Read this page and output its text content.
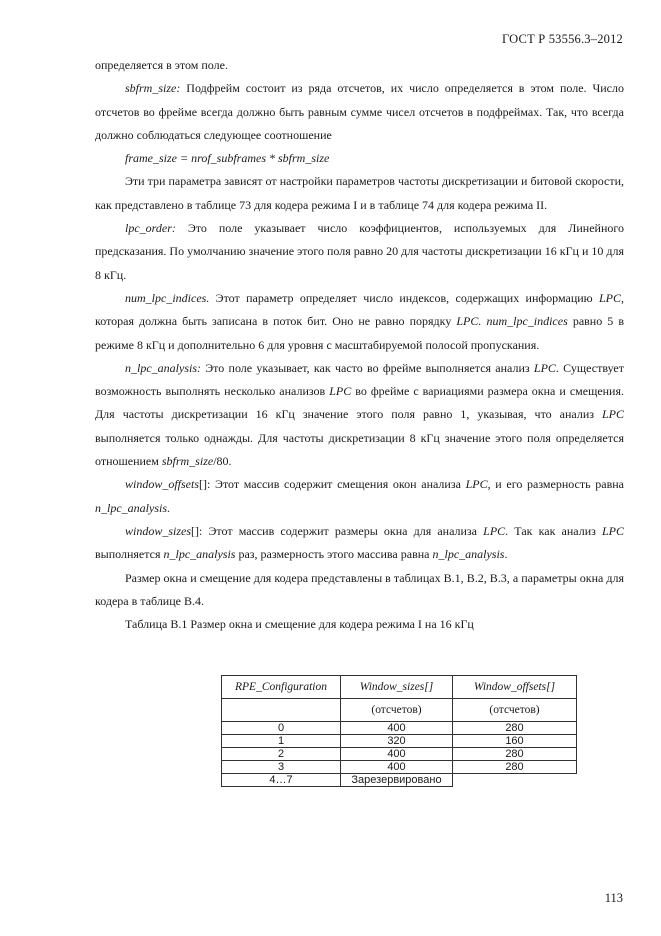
ГОСТ Р 53556.3–2012

определяется в этом поле.

sbfrm_size: Подфрейм состоит из ряда отсчетов, их число определяется в этом поле. Число отсчетов во фрейме всегда должно быть равным сумме чисел отсчетов в подфреймах. Так, что всегда должно соблюдаться следующее соотношение

frame_size = nrof_subframes * sbfrm_size

Эти три параметра зависят от настройки параметров частоты дискретизации и битовой скорости, как представлено в таблице 73 для кодера режима I и в таблице 74 для кодера режима II.

lpc_order: Это поле указывает число коэффициентов, используемых для Линейного предсказания. По умолчанию значение этого поля равно 20 для частоты дискретизации 16 кГц и 10 для 8 кГц.

num_lpc_indices. Этот параметр определяет число индексов, содержащих информацию LPC, которая должна быть записана в поток бит. Оно не равно порядку LPC. num_lpc_indices равно 5 в режиме 8 кГц и дополнительно 6 для уровня с масштабируемой полосой пропускания.

n_lpc_analysis: Это поле указывает, как часто во фрейме выполняется анализ LPC. Существует возможность выполнять несколько анализов LPC во фрейме с вариациями размера окна и смещения. Для частоты дискретизации 16 кГц значение этого поля равно 1, указывая, что анализ LPC выполняется только однажды. Для частоты дискретизации 8 кГц значение этого поля определяется отношением sbfrm_size/80.

window_offsets[]: Этот массив содержит смещения окон анализа LPC, и его размерность равна n_lpc_analysis.

window_sizes[]: Этот массив содержит размеры окна для анализа LPC. Так как анализ LPC выполняется n_lpc_analysis раз, размерность этого массива равна n_lpc_analysis.

Размер окна и смещение для кодера представлены в таблицах В.1, В.2, В.3, а параметры окна для кодера в таблице В.4.

Таблица В.1 Размер окна и смещение для кодера режима I на 16 кГц

RPE_Configuration	Window_sizes[]	Window_offsets[]
	(отсчетов)	(отсчетов)
0	400	280
1	320	160
2	400	280
3	400	280
4…7	Зарезервировано	
113
